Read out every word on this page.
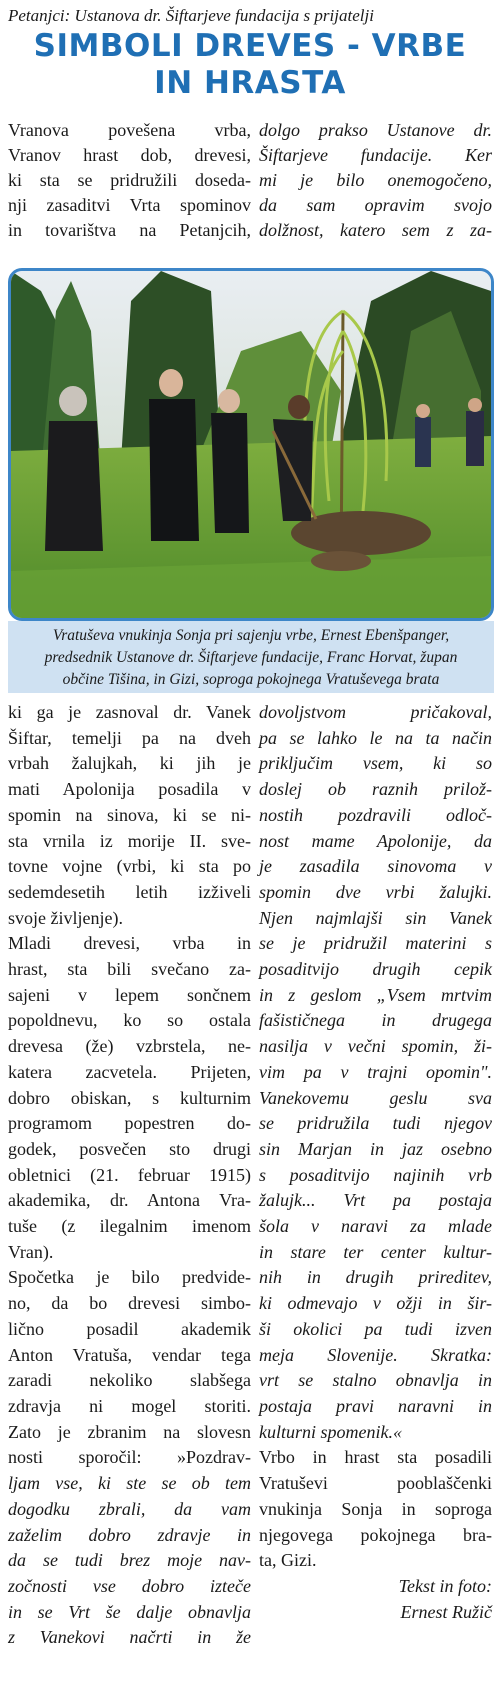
Petanjci: Ustanova dr. Šiftarjeve fundacija s prijatelji
SIMBOLI DREVES - VRBE
IN HRASTA

Vranova povešena vrba,

Vranov hrast dob, drevesi,

ki sta se pridružili doseda-

nji zasaditvi Vrta spominov

in tovarištva na Petanjcih,

dolgo prakso Ustanove dr.

Šiftarjeve fundacije. Ker

mi je bilo onemogočeno,

da sam opravim svojo

dolžnost, katero sem z za-

Vratuševa vnukinja Sonja pri sajenju vrbe, Ernest Ebenšpanger,
predsednik Ustanove dr. Šiftarjeve fundacije, Franc Horvat, župan
občine Tišina, in Gizi, soproga pokojnega Vratuševega brata

ki ga je zasnoval dr. Vanek

Šiftar, temelji pa na dveh

vrbah žalujkah, ki jih je

mati Apolonija posadila v

spomin na sinova, ki se ni-

sta vrnila iz morije II. sve-

tovne vojne (vrbi, ki sta po

sedemdesetih letih izživeli

svoje življenje).

Mladi drevesi, vrba in

hrast, sta bili svečano za-

sajeni v lepem sončnem

popoldnevu, ko so ostala

drevesa (že) vzbrstela, ne-

katera zacvetela. Prijeten,

dobro obiskan, s kulturnim

programom popestren do-

godek, posvečen sto drugi

obletnici (21. februar 1915)

akademika, dr. Antona Vra-

tuše (z ilegalnim imenom

Vran).

Spočetka je bilo predvide-

no, da bo drevesi simbo-

lično posadil akademik

Anton Vratuša, vendar tega

zaradi nekoliko slabšega

zdravja ni mogel storiti.

Zato je zbranim na slovesn

nosti sporočil: »Pozdrav-

ljam vse, ki ste se ob tem

dogodku zbrali, da vam

zaželim dobro zdravje in

da se tudi brez moje nav-

zočnosti vse dobro izteče

in se Vrt še dalje obnavlja

z Vanekovi načrti in že

dovoljstvom pričakoval,

pa se lahko le na ta način

priključim vsem, ki so

doslej ob raznih prilož-

nostih pozdravili odloč-

nost mame Apolonije, da

je zasadila sinovoma v

spomin dve vrbi žalujki.

Njen najmlajši sin Vanek

se je pridružil materini s

posaditvijo drugih cepik

in z geslom „Vsem mrtvim

fašističnega in drugega

nasilja v večni spomin, ži-

vim pa v trajni opomin".

Vanekovemu geslu sva

se pridružila tudi njegov

sin Marjan in jaz osebno

s posaditvijo najinih vrb

žalujk... Vrt pa postaja

šola v naravi za mlade

in stare ter center kultur-

nih in drugih prireditev,

ki odmevajo v ožji in šir-

ši okolici pa tudi izven

meja Slovenije. Skratka:

vrt se stalno obnavlja in

postaja pravi naravni in

kulturni spomenik.«

Vrbo in hrast sta posadili

Vratuševi pooblaščenki

vnukinja Sonja in soproga

njegovega pokojnega bra-

ta, Gizi.

Tekst in foto:

Ernest Ružič
